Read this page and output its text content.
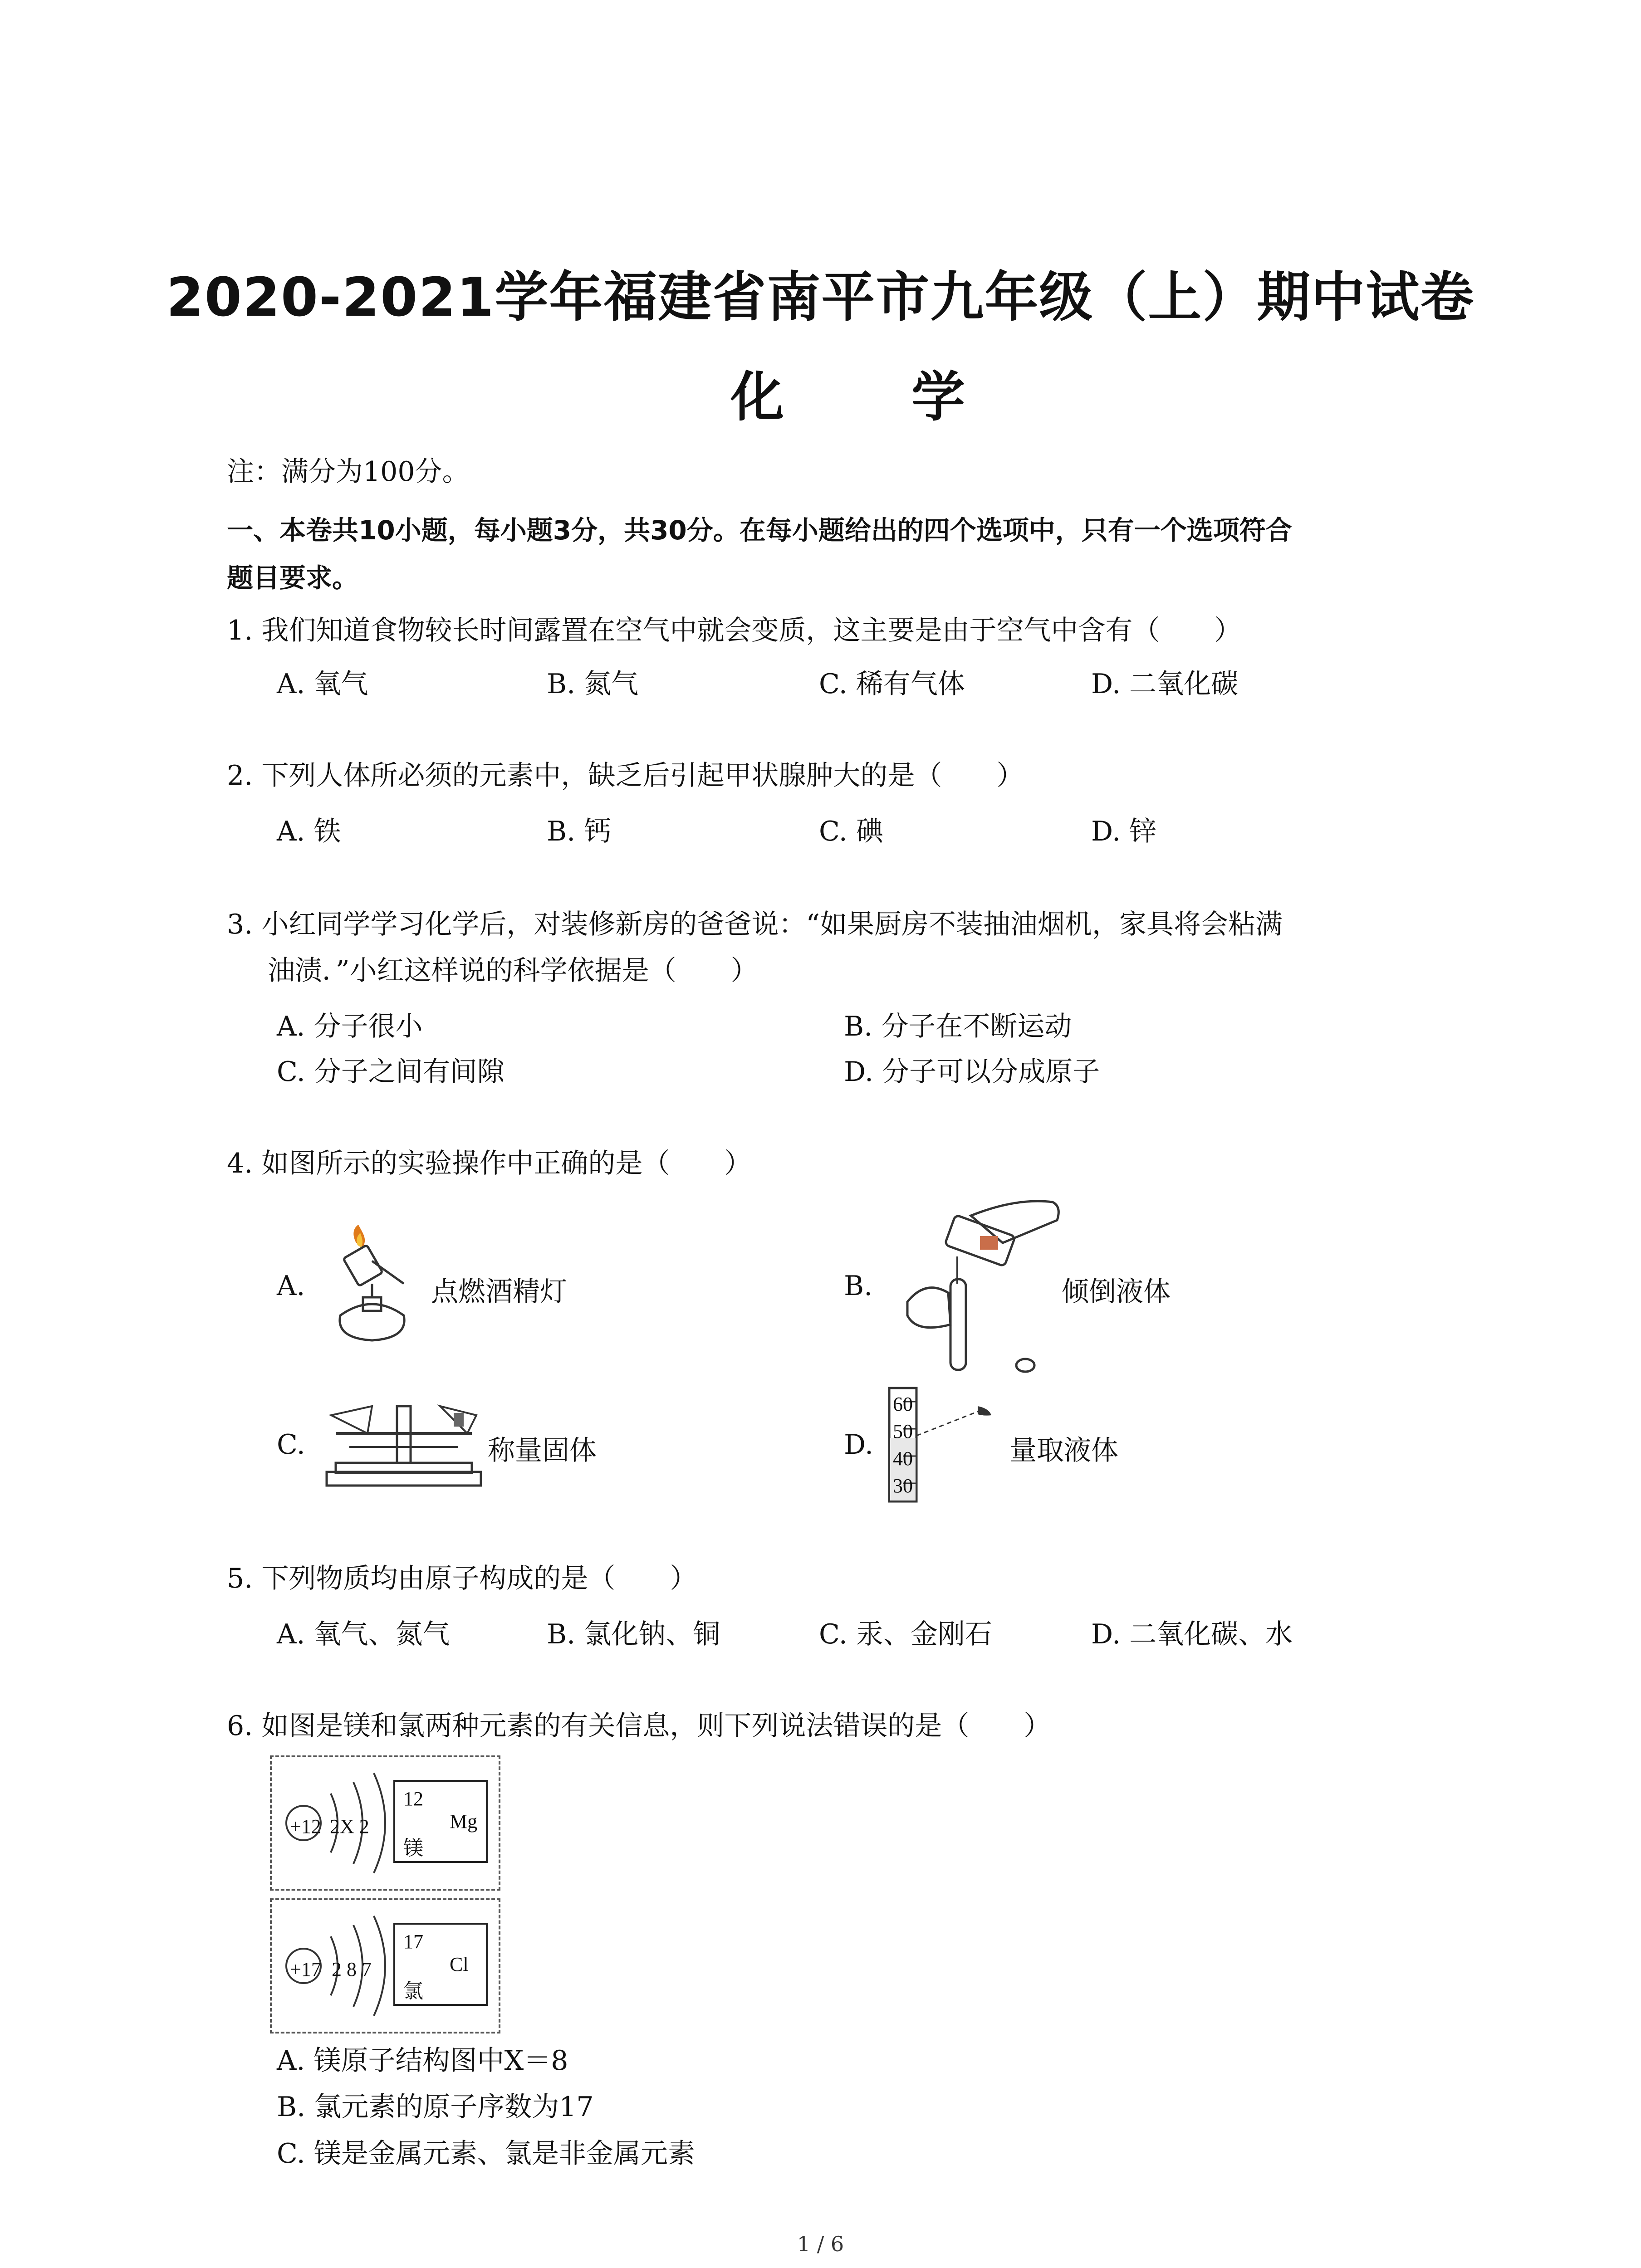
2020-2021学年福建省南平市九年级（上）期中试卷
化 学
注：满分为100分。
一、本卷共10小题，每小题3分，共30分。在每小题给出的四个选项中，只有一个选项符合
题目要求。
1. 我们知道食物较长时间露置在空气中就会变质，这主要是由于空气中含有（　　）
A. 氧气	B. 氮气	C. 稀有气体	D. 二氧化碳
2. 下列人体所必须的元素中，缺乏后引起甲状腺肿大的是（　　）
A. 铁	B. 钙	C. 碘	D. 锌
3. 小红同学学习化学后，对装修新房的爸爸说：“如果厨房不装抽油烟机，家具将会粘满
油渍．”小红这样说的科学依据是（　　）
A. 分子很小	B. 分子在不断运动
C. 分子之间有间隙	D. 分子可以分成原子
4. 如图所示的实验操作中正确的是（　　）
A.	点燃酒精灯	B.	倾倒液体
C.	称量固体	D.
60
50
40
30
量取液体
5. 下列物质均由原子构成的是（　　）
A. 氧气、氮气	B. 氯化钠、铜	C. 汞、金刚石	D. 二氧化碳、水
6. 如图是镁和氯两种元素的有关信息，则下列说法错误的是（　　）
+12 2X 2
12
Mg
镁
+17 2 8 7
17
Cl
氯
A. 镁原子结构图中X＝8
B. 氯元素的原子序数为17
C. 镁是金属元素、氯是非金属元素
1 / 6
